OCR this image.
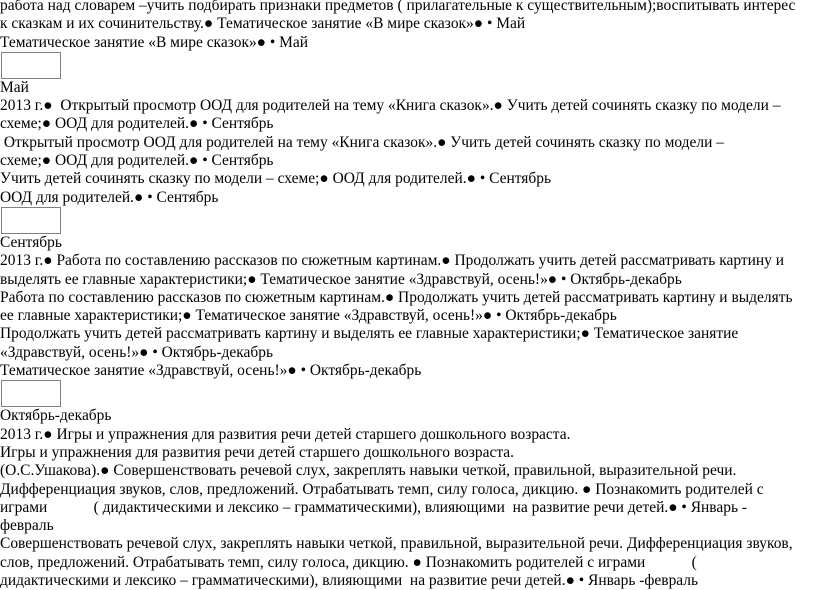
работа над словарем –учить подбирать признаки предметов ( прилагательные к существительным);воспитывать интерес
к сказкам и их сочинительству.● Тематическое занятие «В мире сказок»● • Май
Тематическое занятие «В мире сказок»● • Май
Май
2013 г.●  Открытый просмотр ООД для родителей на тему «Книга сказок».● Учить детей сочинять сказку по модели –
схеме;● ООД для родителей.● • Сентябрь
Открытый просмотр ООД для родителей на тему «Книга сказок».● Учить детей сочинять сказку по модели –
схеме;● ООД для родителей.● • Сентябрь
Учить детей сочинять сказку по модели – схеме;● ООД для родителей.● • Сентябрь
ООД для родителей.● • Сентябрь
Сентябрь
2013 г.● Работа по составлению рассказов по сюжетным картинам.● Продолжать учить детей рассматривать картину и
выделять ее главные характеристики;● Тематическое занятие «Здравствуй, осень!»● • Октябрь-декабрь
Работа по составлению рассказов по сюжетным картинам.● Продолжать учить детей рассматривать картину и выделять
ее главные характеристики;● Тематическое занятие «Здравствуй, осень!»● • Октябрь-декабрь
Продолжать учить детей рассматривать картину и выделять ее главные характеристики;● Тематическое занятие
«Здравствуй, осень!»● • Октябрь-декабрь
Тематическое занятие «Здравствуй, осень!»● • Октябрь-декабрь
Октябрь-декабрь
2013 г.● Игры и упражнения для развития речи детей старшего дошкольного возраста.
Игры и упражнения для развития речи детей старшего дошкольного возраста.
(О.С.Ушакова).● Совершенствовать речевой слух, закреплять навыки четкой, правильной, выразительной речи.
Дифференциация звуков, слов, предложений. Отрабатывать темп, силу голоса, дикцию. ● Познакомить родителей с
играми            ( дидактическими и лексико – грамматическими), влияющими  на развитие речи детей.● • Январь -
февраль
Совершенствовать речевой слух, закреплять навыки четкой, правильной, выразительной речи. Дифференциация звуков,
слов, предложений. Отрабатывать темп, силу голоса, дикцию. ● Познакомить родителей с играми            (
дидактическими и лексико – грамматическими), влияющими  на развитие речи детей.● • Январь -февраль
